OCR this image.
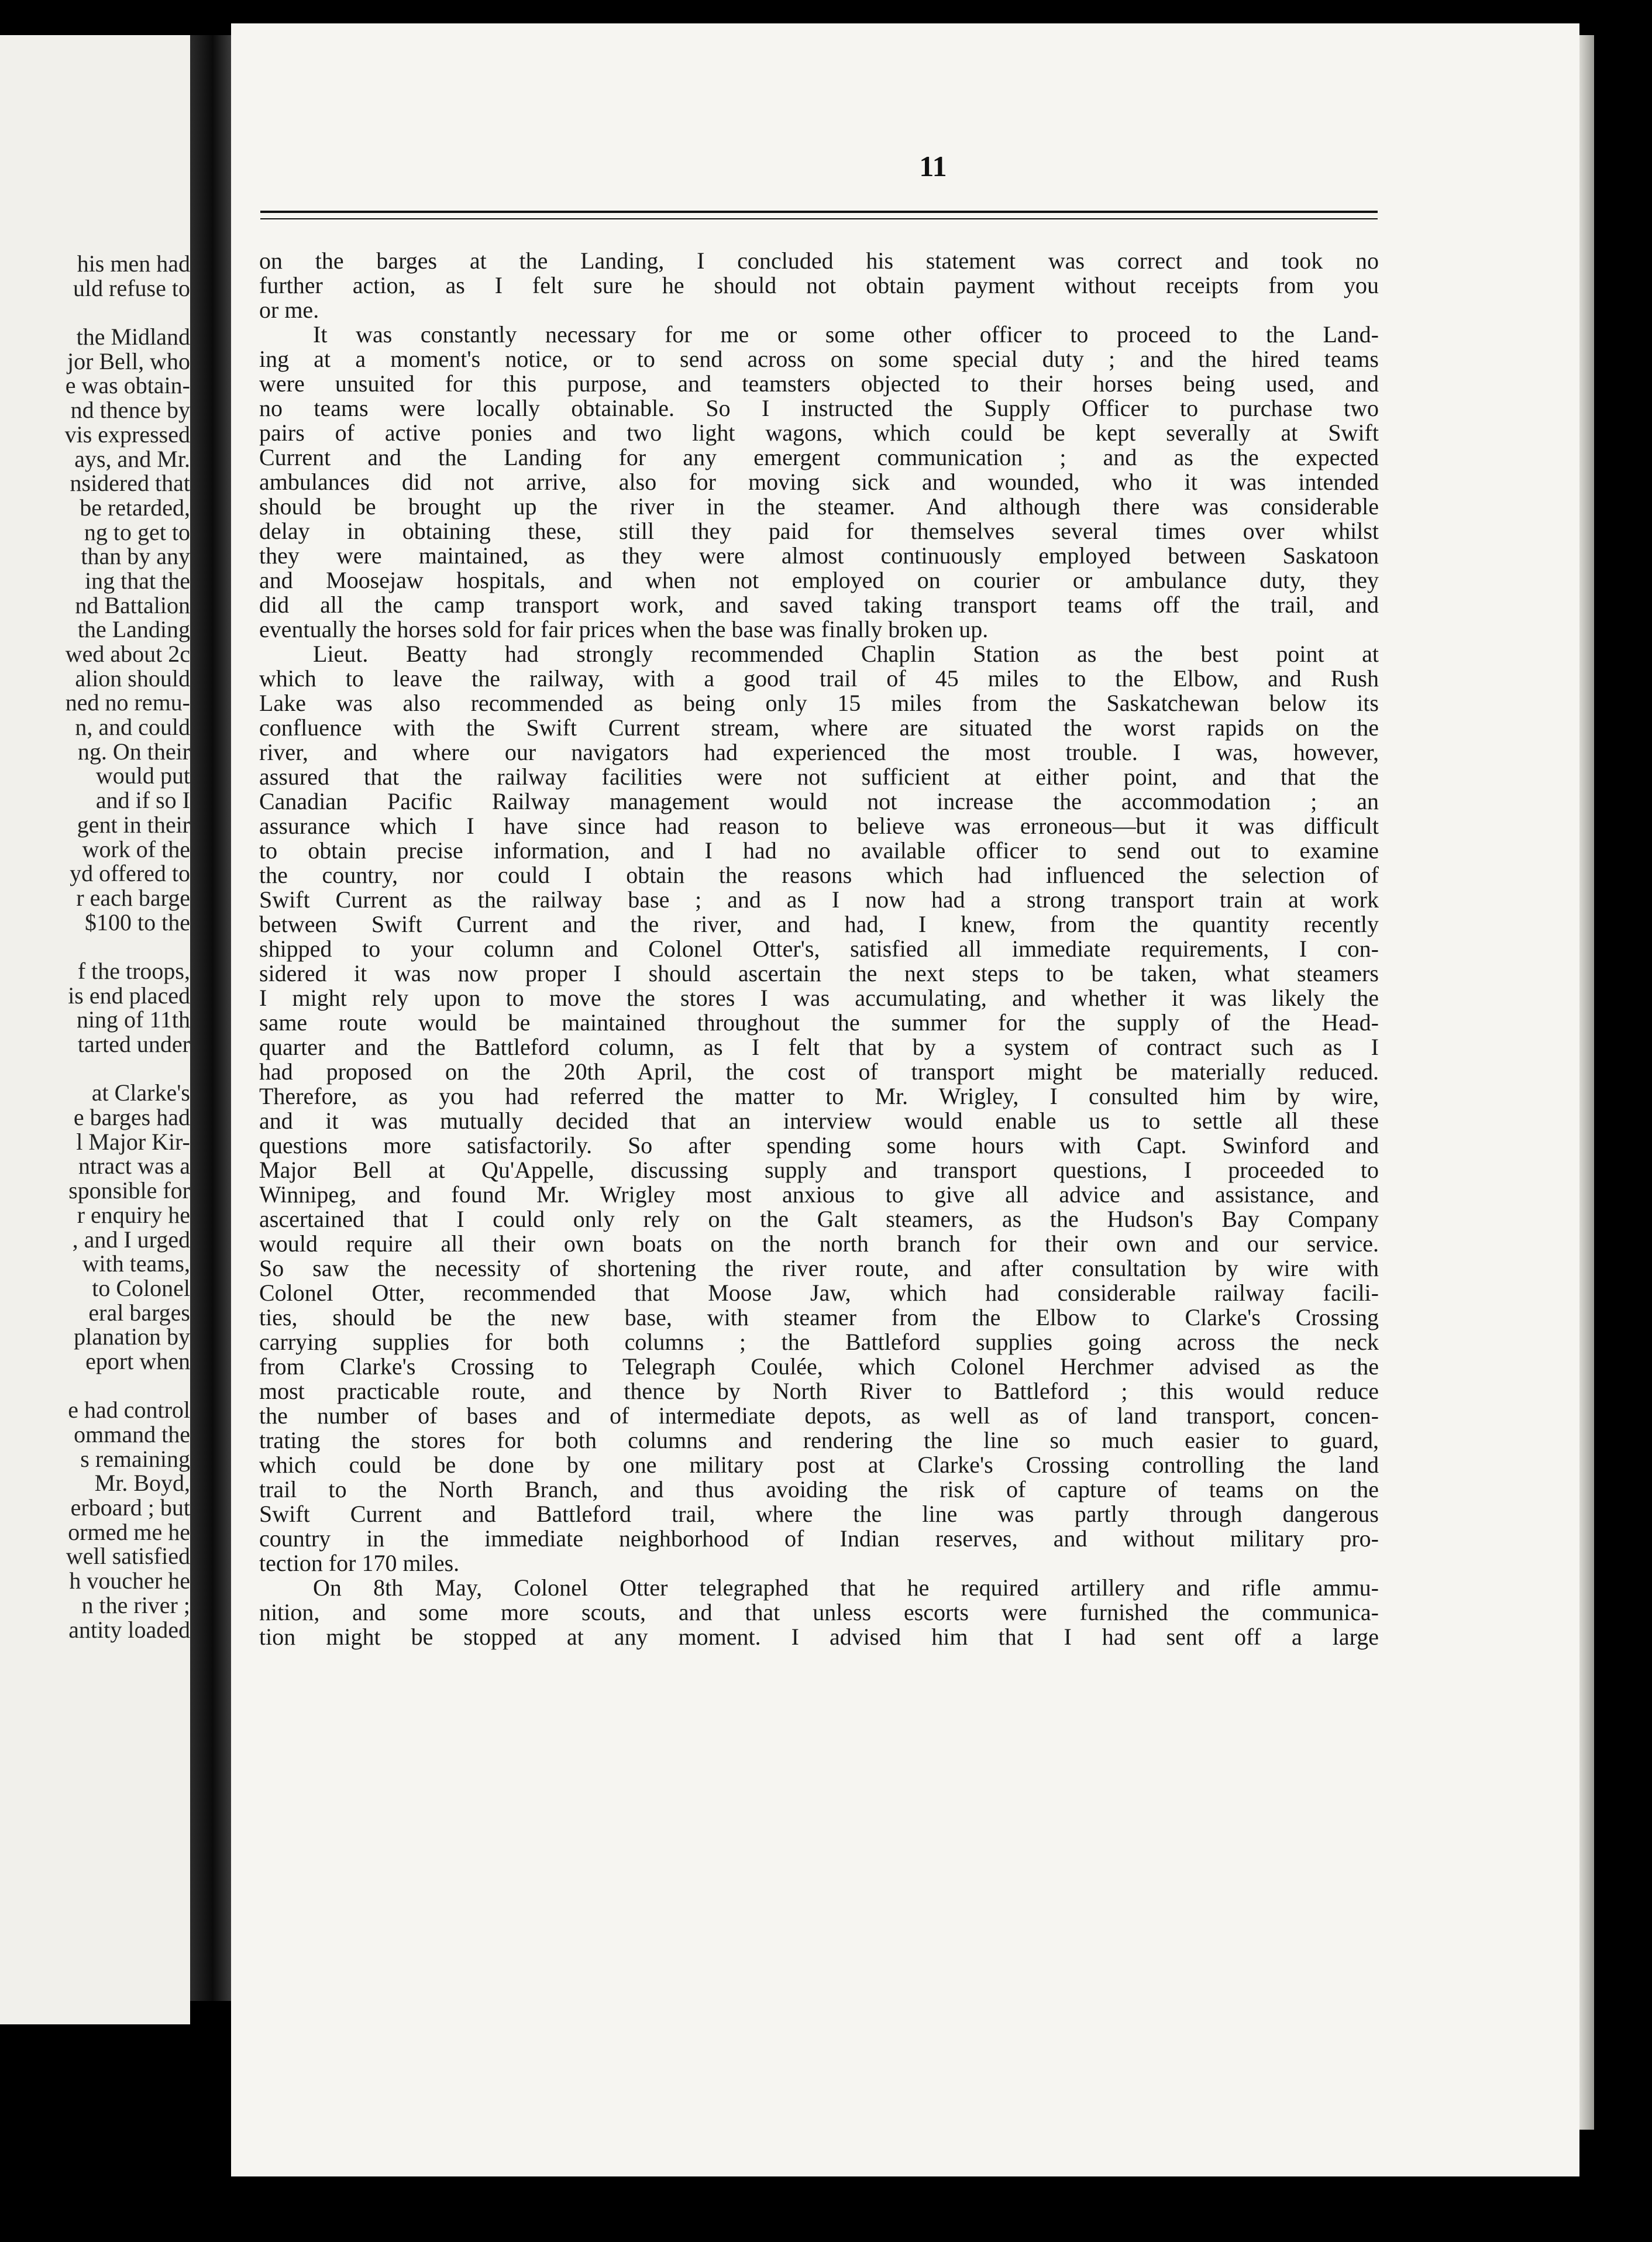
his men had
uld refuse to
the Midland
jor Bell, who
e was obtain-
nd thence by
vis expressed
ays, and Mr.
nsidered that
be retarded,
ng to get to
than by any
ing that the
nd Battalion
the Landing
wed about 2c
alion should
ned no remu-
n, and could
ng. On their
would put
and if so I
gent in their
work of the
yd offered to
r each barge
$100 to the
f the troops,
is end placed
ning of 11th
tarted under
at Clarke's
e barges had
l Major Kir-
ntract was a
sponsible for
r enquiry he
, and I urged
with teams,
to Colonel
eral barges
planation by
eport when
e had control
ommand the
s remaining
Mr. Boyd,
erboard ; but
ormed me he
well satisfied
h voucher he
n the river ;
antity loaded
11
on the barges at the Landing, I concluded his statement was correct and took no
further action, as I felt sure he should not obtain payment without receipts from you
or me.
It was constantly necessary for me or some other officer to proceed to the Land-
ing at a moment's notice, or to send across on some special duty ; and the hired teams
were unsuited for this purpose, and teamsters objected to their horses being used, and
no teams were locally obtainable. So I instructed the Supply Officer to purchase two
pairs of active ponies and two light wagons, which could be kept severally at Swift
Current and the Landing for any emergent communication ; and as the expected
ambulances did not arrive, also for moving sick and wounded, who it was intended
should be brought up the river in the steamer. And although there was considerable
delay in obtaining these, still they paid for themselves several times over whilst
they were maintained, as they were almost continuously employed between Saskatoon
and Moosejaw hospitals, and when not employed on courier or ambulance duty, they
did all the camp transport work, and saved taking transport teams off the trail, and
eventually the horses sold for fair prices when the base was finally broken up.
Lieut. Beatty had strongly recommended Chaplin Station as the best point at
which to leave the railway, with a good trail of 45 miles to the Elbow, and Rush
Lake was also recommended as being only 15 miles from the Saskatchewan below its
confluence with the Swift Current stream, where are situated the worst rapids on the
river, and where our navigators had experienced the most trouble. I was, however,
assured that the railway facilities were not sufficient at either point, and that the
Canadian Pacific Railway management would not increase the accommodation ; an
assurance which I have since had reason to believe was erroneous—but it was difficult
to obtain precise information, and I had no available officer to send out to examine
the country, nor could I obtain the reasons which had influenced the selection of
Swift Current as the railway base ; and as I now had a strong transport train at work
between Swift Current and the river, and had, I knew, from the quantity recently
shipped to your column and Colonel Otter's, satisfied all immediate requirements, I con-
sidered it was now proper I should ascertain the next steps to be taken, what steamers
I might rely upon to move the stores I was accumulating, and whether it was likely the
same route would be maintained throughout the summer for the supply of the Head-
quarter and the Battleford column, as I felt that by a system of contract such as I
had proposed on the 20th April, the cost of transport might be materially reduced.
Therefore, as you had referred the matter to Mr. Wrigley, I consulted him by wire,
and it was mutually decided that an interview would enable us to settle all these
questions more satisfactorily. So after spending some hours with Capt. Swinford and
Major Bell at Qu'Appelle, discussing supply and transport questions, I proceeded to
Winnipeg, and found Mr. Wrigley most anxious to give all advice and assistance, and
ascertained that I could only rely on the Galt steamers, as the Hudson's Bay Company
would require all their own boats on the north branch for their own and our service.
So saw the necessity of shortening the river route, and after consultation by wire with
Colonel Otter, recommended that Moose Jaw, which had considerable railway facili-
ties, should be the new base, with steamer from the Elbow to Clarke's Crossing
carrying supplies for both columns ; the Battleford supplies going across the neck
from Clarke's Crossing to Telegraph Coulée, which Colonel Herchmer advised as the
most practicable route, and thence by North River to Battleford ; this would reduce
the number of bases and of intermediate depots, as well as of land transport, concen-
trating the stores for both columns and rendering the line so much easier to guard,
which could be done by one military post at Clarke's Crossing controlling the land
trail to the North Branch, and thus avoiding the risk of capture of teams on the
Swift Current and Battleford trail, where the line was partly through dangerous
country in the immediate neighborhood of Indian reserves, and without military pro-
tection for 170 miles.
On 8th May, Colonel Otter telegraphed that he required artillery and rifle ammu-
nition, and some more scouts, and that unless escorts were furnished the communica-
tion might be stopped at any moment. I advised him that I had sent off a large
